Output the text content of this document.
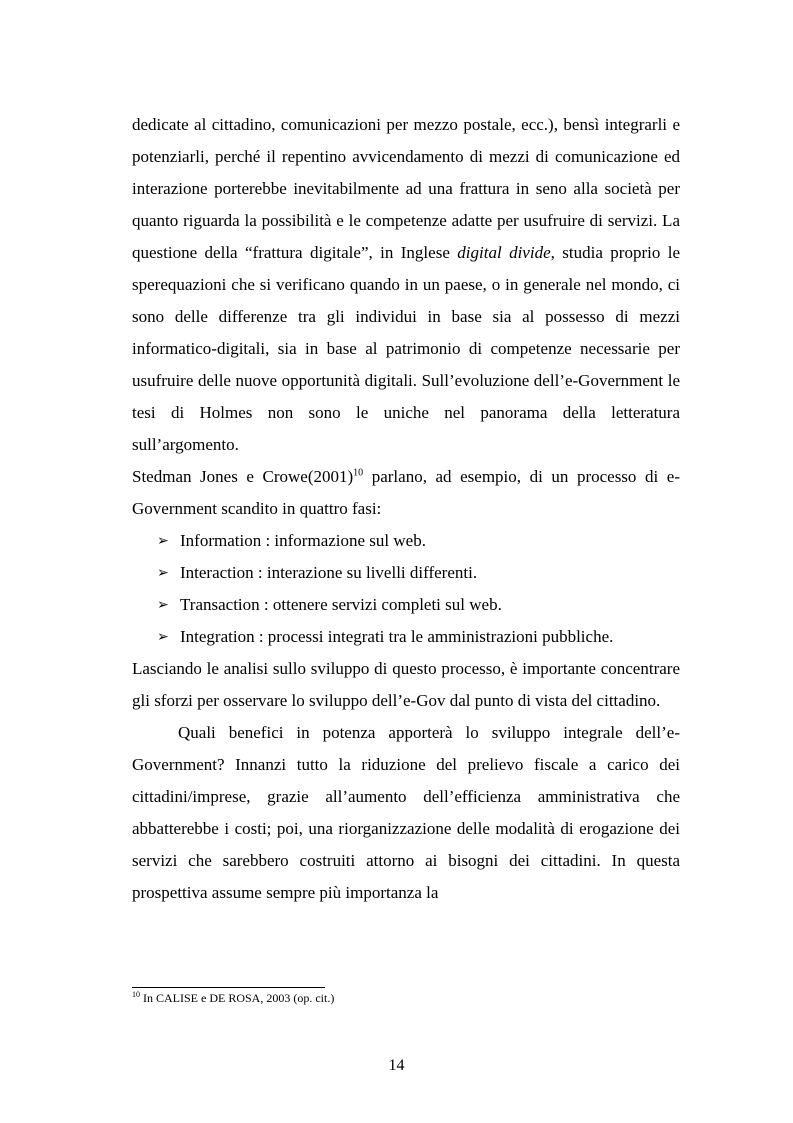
dedicate al cittadino, comunicazioni per mezzo postale, ecc.), bensì integrarli e potenziarli, perché il repentino avvicendamento di mezzi di comunicazione ed interazione porterebbe inevitabilmente ad una frattura in seno alla società per quanto riguarda la possibilità e le competenze adatte per usufruire di servizi. La questione della “frattura digitale”, in Inglese digital divide, studia proprio le sperequazioni che si verificano quando in un paese, o in generale nel mondo, ci sono delle differenze tra gli individui in base sia al possesso di mezzi informatico-digitali, sia in base al patrimonio di competenze necessarie per usufruire delle nuove opportunità digitali. Sull’evoluzione dell’e-Government le tesi di Holmes non sono le uniche nel panorama della letteratura sull’argomento.

Stedman Jones e Crowe(2001)$^{10}$ parlano, ad esempio, di un processo di e-Government scandito in quattro fasi:

➢ Information : informazione sul web.
➢ Interaction : interazione su livelli differenti.
➢ Transaction : ottenere servizi completi sul web.
➢ Integration : processi integrati tra le amministrazioni pubbliche.

Lasciando le analisi sullo sviluppo di questo processo, è importante concentrare gli sforzi per osservare lo sviluppo dell’e-Gov dal punto di vista del cittadino.

Quali benefici in potenza apporterà lo sviluppo integrale dell’e-Government? Innanzi tutto la riduzione del prelievo fiscale a carico dei cittadini/imprese, grazie all’aumento dell’efficienza amministrativa che abbatterebbe i costi; poi, una riorganizzazione delle modalità di erogazione dei servizi che sarebbero costruiti attorno ai bisogni dei cittadini. In questa prospettiva assume sempre più importanza la

$^{10}$ In CALISE e DE ROSA, 2003 (op. cit.)
14
